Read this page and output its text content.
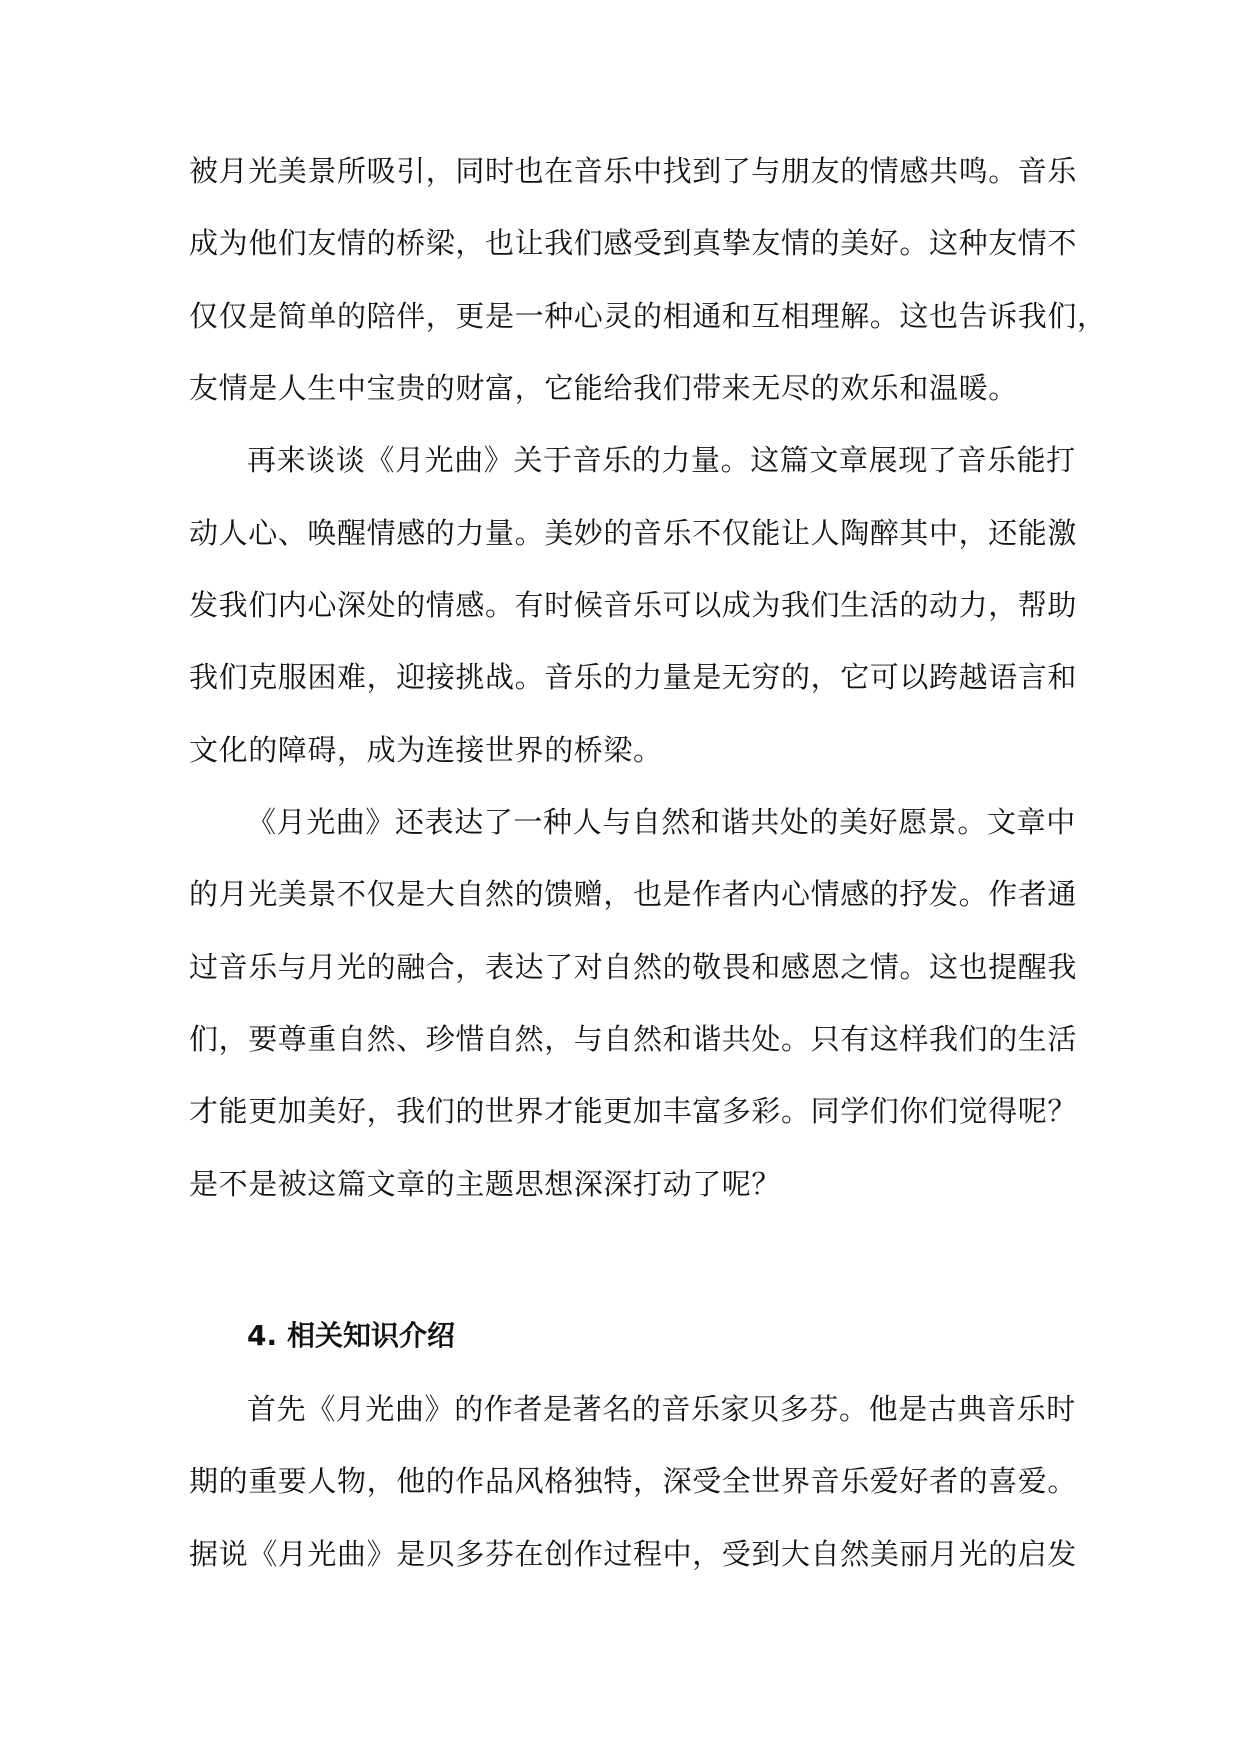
被月光美景所吸引，同时也在音乐中找到了与朋友的情感共鸣。音乐
成为他们友情的桥梁，也让我们感受到真挚友情的美好。这种友情不
仅仅是简单的陪伴，更是一种心灵的相通和互相理解。这也告诉我们，
友情是人生中宝贵的财富，它能给我们带来无尽的欢乐和温暖。
再来谈谈《月光曲》关于音乐的力量。这篇文章展现了音乐能打
动人心、唤醒情感的力量。美妙的音乐不仅能让人陶醉其中，还能激
发我们内心深处的情感。有时候音乐可以成为我们生活的动力，帮助
我们克服困难，迎接挑战。音乐的力量是无穷的，它可以跨越语言和
文化的障碍，成为连接世界的桥梁。
《月光曲》还表达了一种人与自然和谐共处的美好愿景。文章中
的月光美景不仅是大自然的馈赠，也是作者内心情感的抒发。作者通
过音乐与月光的融合，表达了对自然的敬畏和感恩之情。这也提醒我
们，要尊重自然、珍惜自然，与自然和谐共处。只有这样我们的生活
才能更加美好，我们的世界才能更加丰富多彩。同学们你们觉得呢？
是不是被这篇文章的主题思想深深打动了呢？
4. 相关知识介绍
首先《月光曲》的作者是著名的音乐家贝多芬。他是古典音乐时
期的重要人物，他的作品风格独特，深受全世界音乐爱好者的喜爱。
据说《月光曲》是贝多芬在创作过程中，受到大自然美丽月光的启发
